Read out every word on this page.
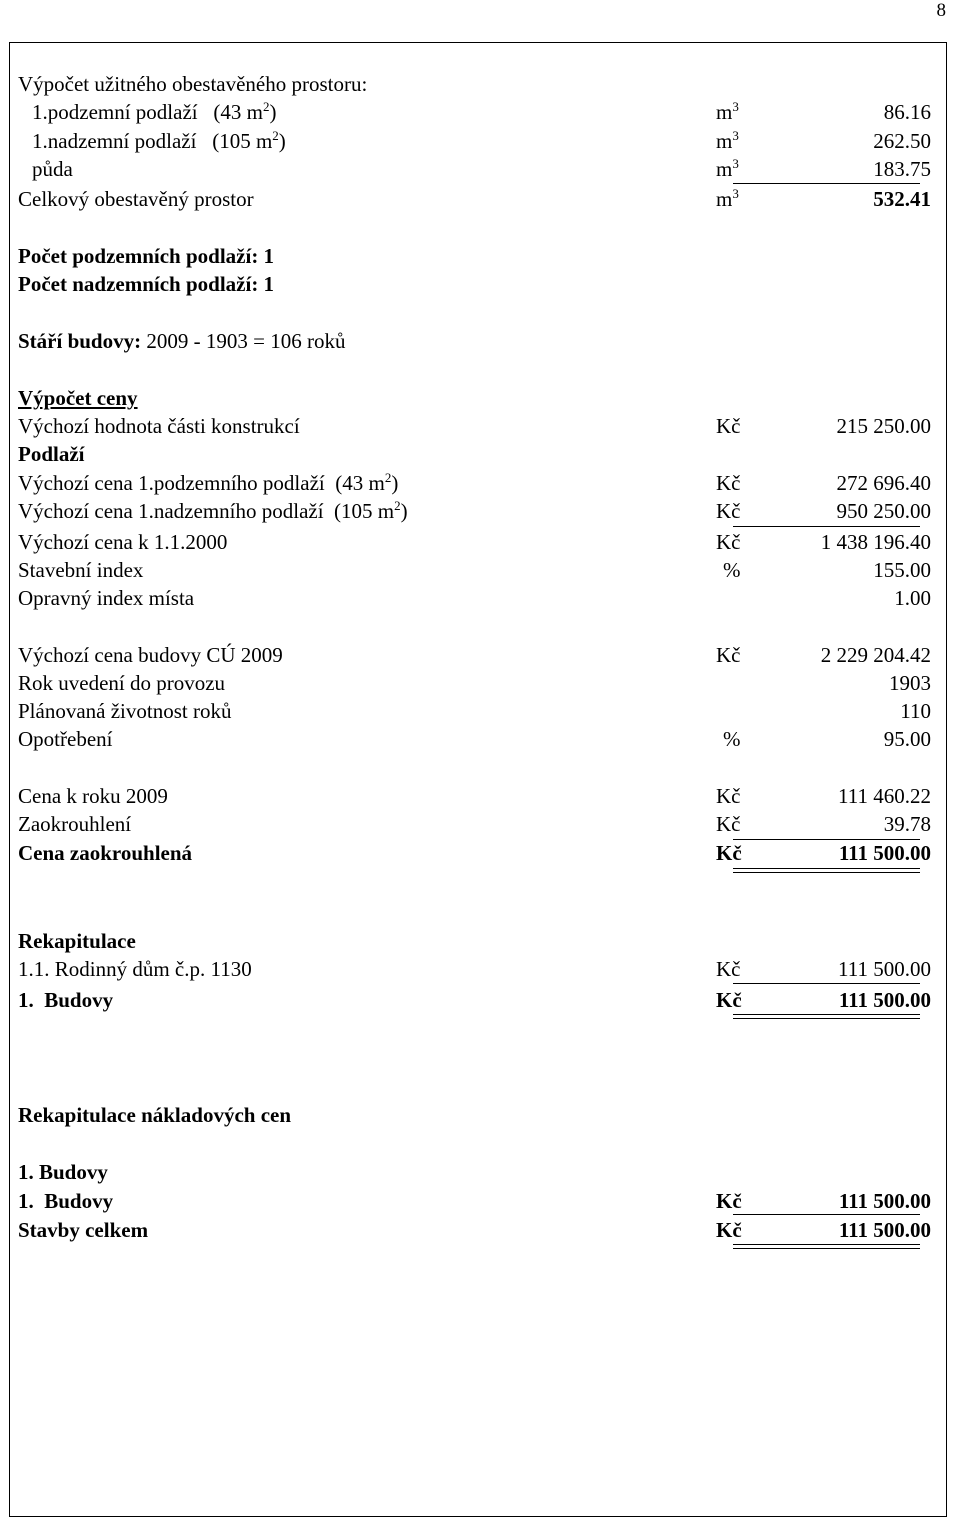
8
Výpočet užitného obestavěného prostoru:
1.podzemní podlaží (43 $m^2$)	$m^3$	86.16
1.nadzemní podlaží (105 $m^2$)	$m^3$	262.50
půda	$m^3$	183.75
Celkový obestavěný prostor	$m^3$	532.41
Počet podzemních podlaží: 1
Počet nadzemních podlaží: 1
Stáří budovy: 2009 - 1903 = 106 roků
Výpočet ceny
Výchozí hodnota části konstrukcí	Kč	215 250.00
Podlaží
Výchozí cena 1.podzemního podlaží (43 $m^2$)	Kč	272 696.40
Výchozí cena 1.nadzemního podlaží (105 $m^2$)	Kč	950 250.00
Výchozí cena k 1.1.2000	Kč	1 438 196.40
Stavební index	%	155.00
Opravný index místa	1.00
Výchozí cena budovy CÚ 2009	Kč	2 229 204.42
Rok uvedení do provozu	1903
Plánovaná životnost roků	110
Opotřebení	%	95.00
Cena k roku 2009	Kč	111 460.22
Zaokrouhlení	Kč	39.78
Cena zaokrouhlená	Kč	111 500.00
Rekapitulace
1.1. Rodinný dům č.p. 1130	Kč	111 500.00
1. Budovy	Kč	111 500.00
Rekapitulace nákladových cen
1. Budovy
1. Budovy	Kč	111 500.00
Stavby celkem	Kč	111 500.00
